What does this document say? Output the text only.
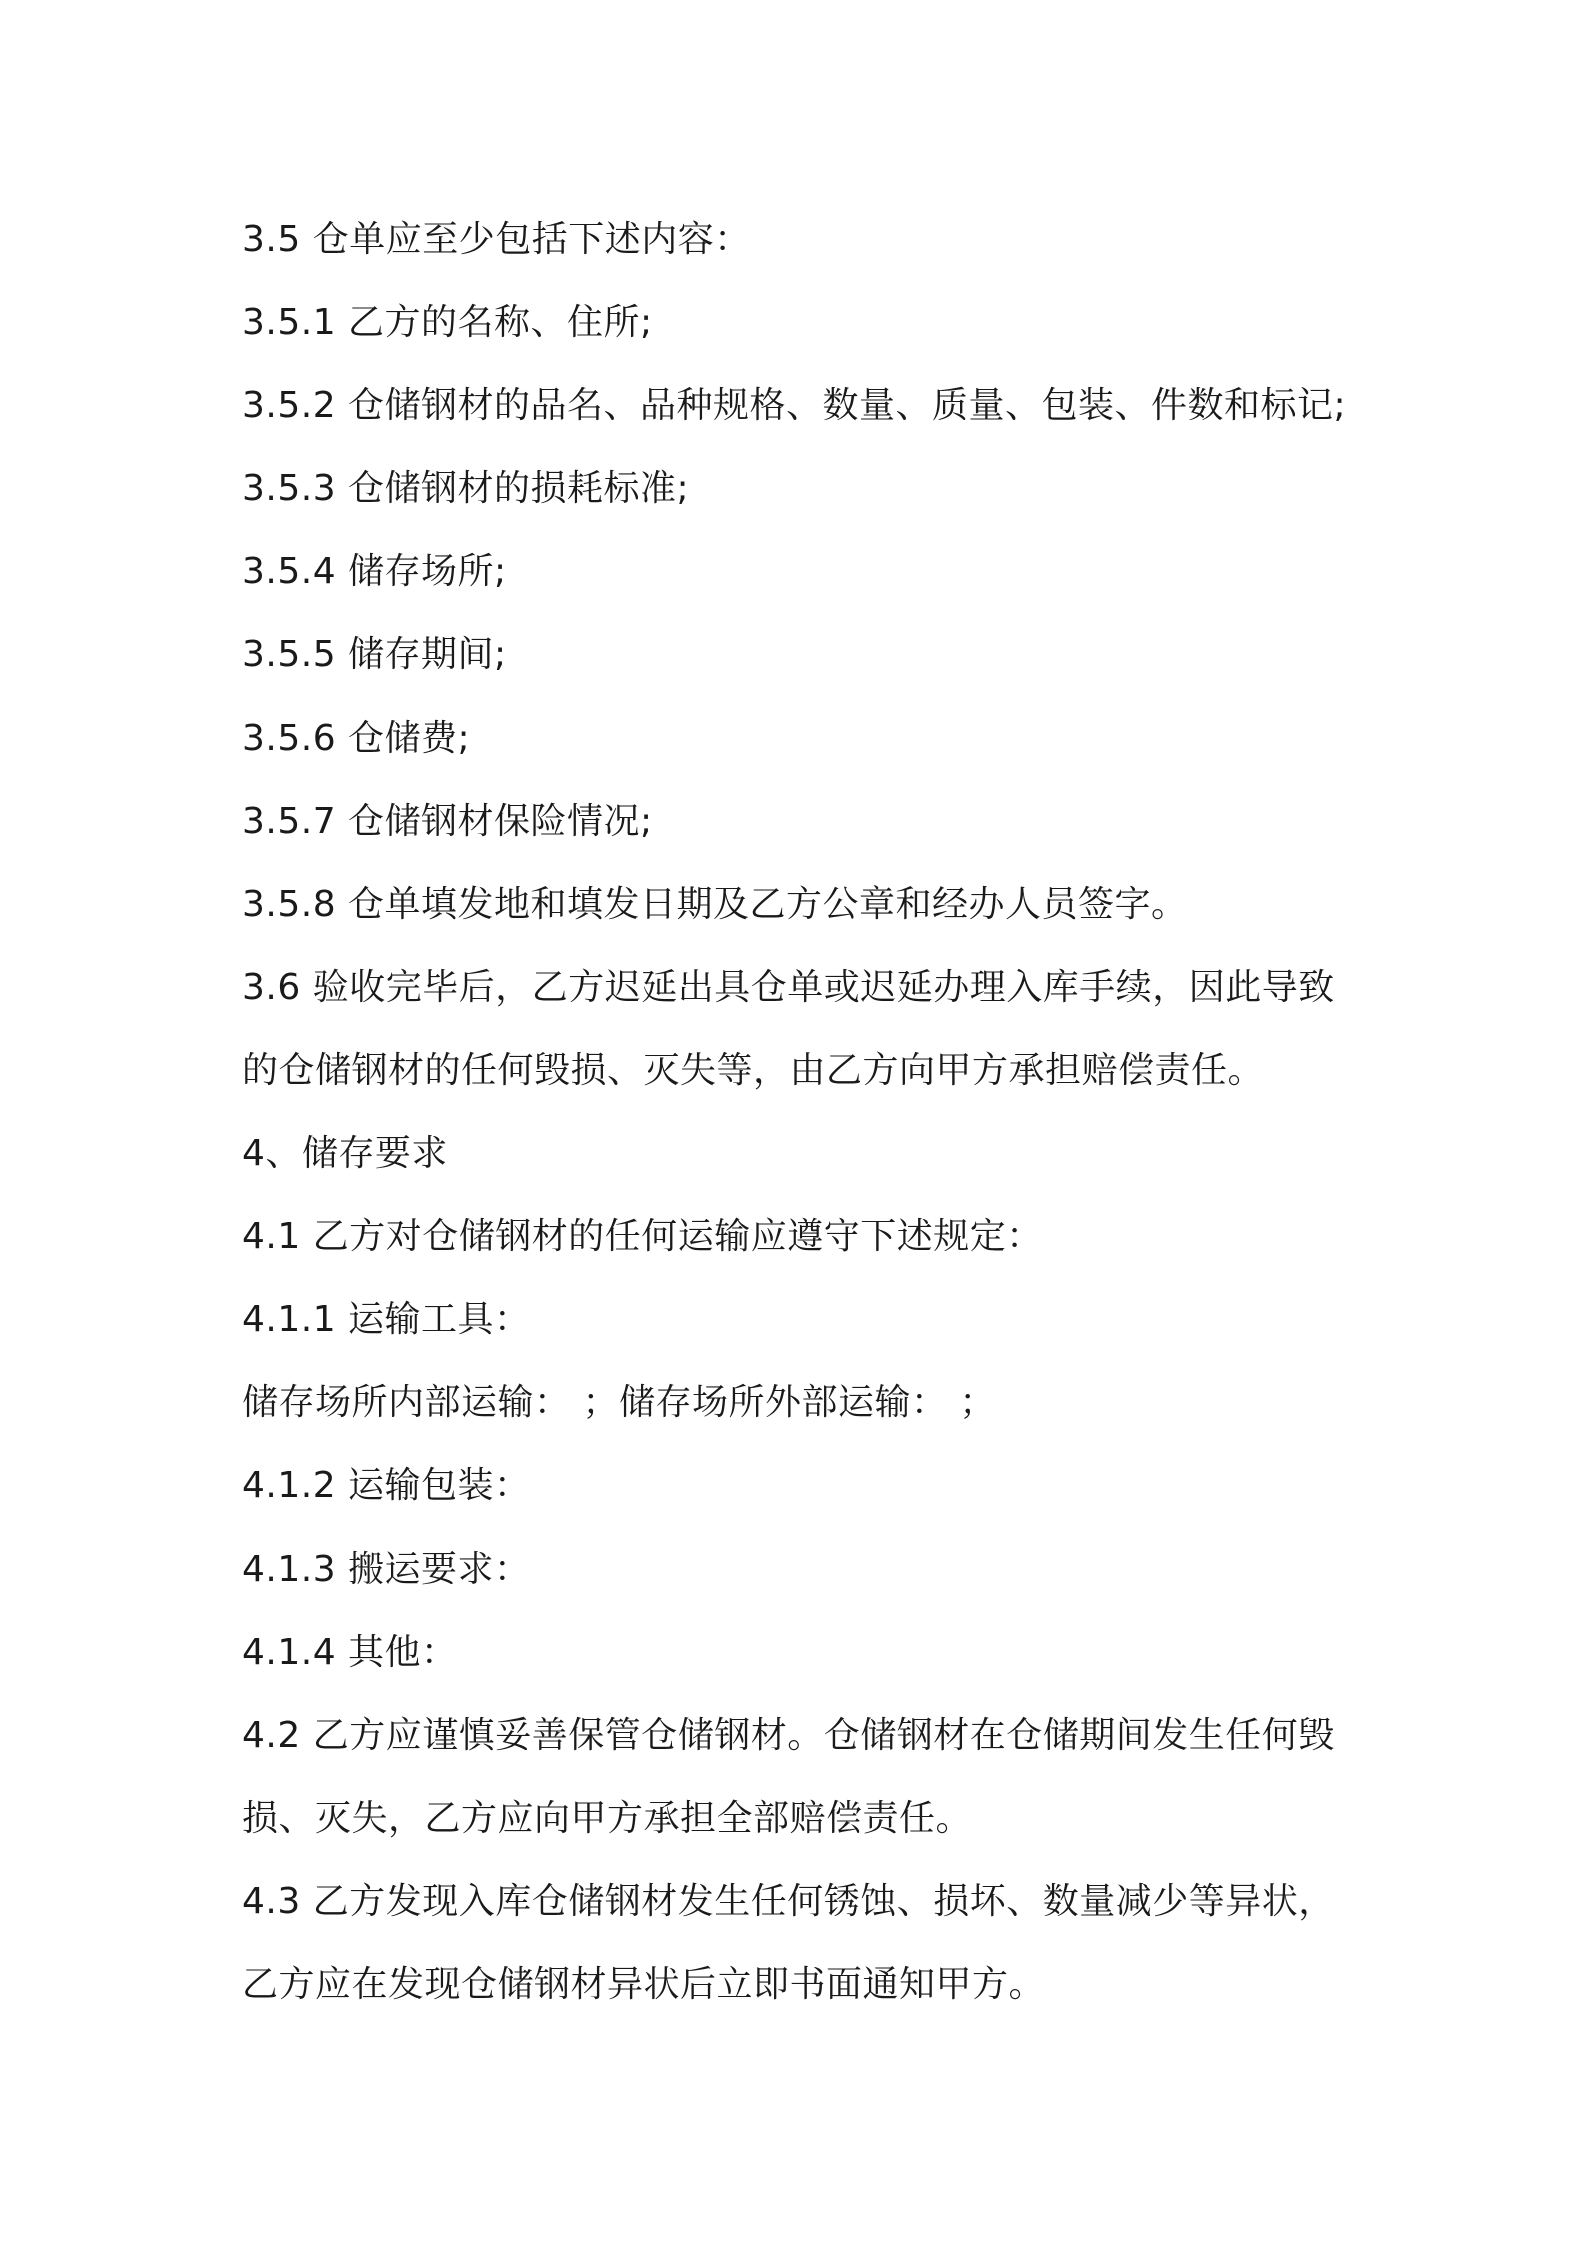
3.5 仓单应至少包括下述内容：

3.5.1 乙方的名称、住所;

3.5.2 仓储钢材的品名、品种规格、数量、质量、包装、件数和标记;

3.5.3 仓储钢材的损耗标准;

3.5.4 储存场所;

3.5.5 储存期间;

3.5.6 仓储费;

3.5.7 仓储钢材保险情况;

3.5.8 仓单填发地和填发日期及乙方公章和经办人员签字。

3.6 验收完毕后，乙方迟延出具仓单或迟延办理入库手续，因此导致

的仓储钢材的任何毁损、灭失等，由乙方向甲方承担赔偿责任。

4、储存要求

4.1 乙方对仓储钢材的任何运输应遵守下述规定：

4.1.1 运输工具：

储存场所内部运输： ；储存场所外部运输： ；

4.1.2 运输包装：

4.1.3 搬运要求：

4.1.4 其他：

4.2 乙方应谨慎妥善保管仓储钢材。仓储钢材在仓储期间发生任何毁

损、灭失，乙方应向甲方承担全部赔偿责任。

4.3 乙方发现入库仓储钢材发生任何锈蚀、损坏、数量减少等异状，

乙方应在发现仓储钢材异状后立即书面通知甲方。
